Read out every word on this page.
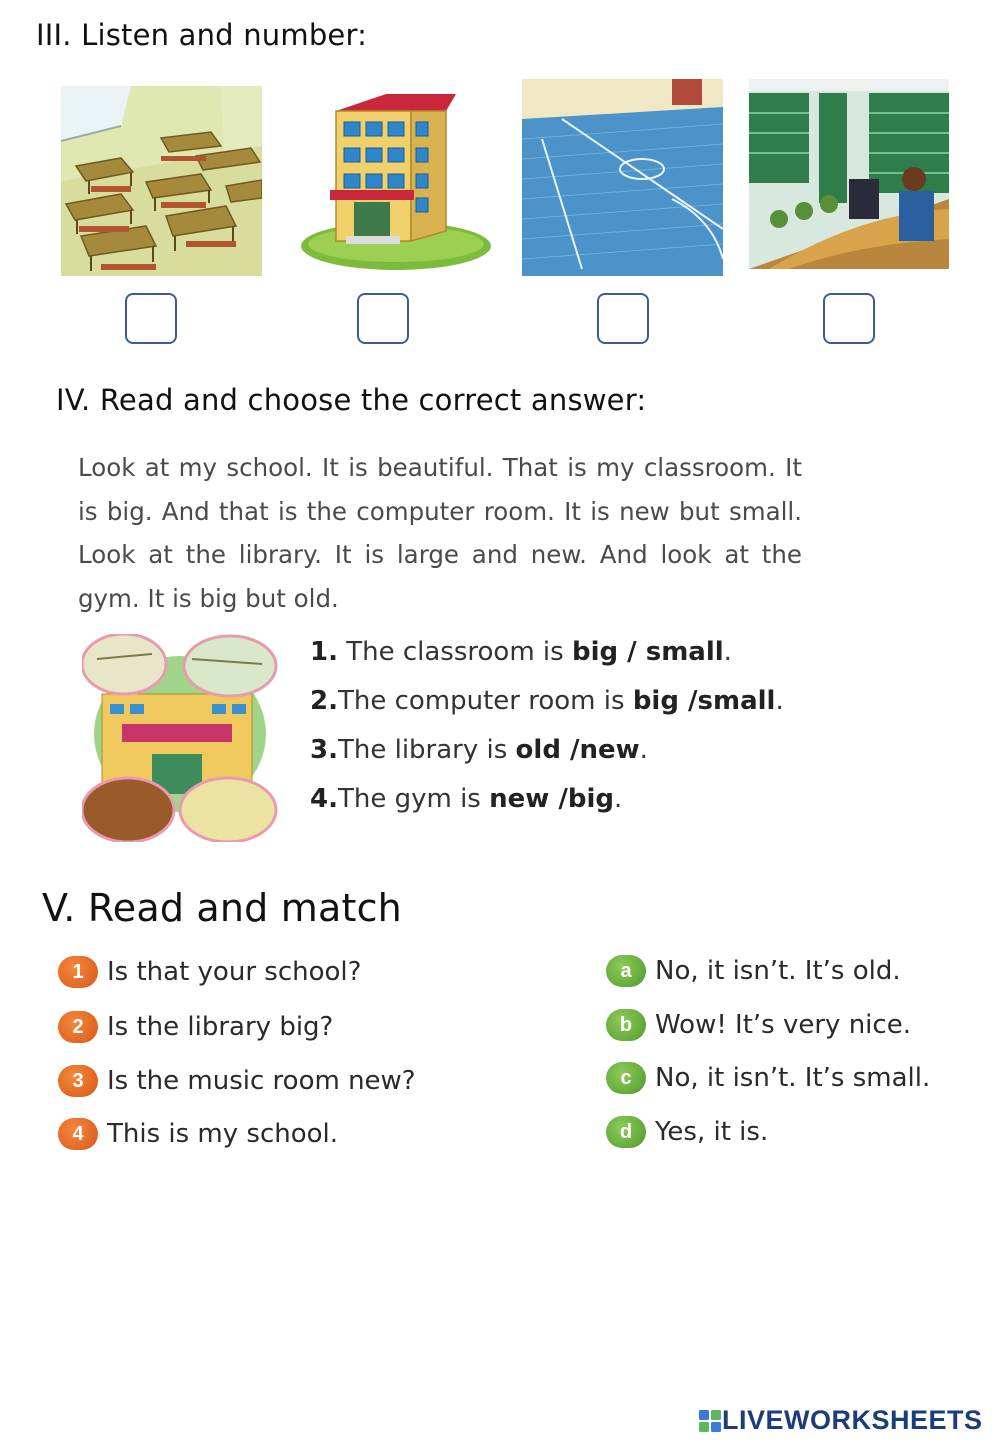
III. Listen and number:
IV. Read and choose the correct answer:
Look at my school. It is beautiful. That is my classroom. It is big. And that is the computer room. It is new but small. Look at the library. It is large and new. And look at the gym. It is big but old.
1. The classroom is big / small.
2.The computer room is big /small.
3.The library is old /new.
4.The gym is new /big.
V. Read and match
1 Is that your school?
2 Is the library big?
3 Is the music room new?
4 This is my school.
a No, it isn’t. It’s old.
b Wow! It’s very nice.
c No, it isn’t. It’s small.
d Yes, it is.
LIVEWORKSHEETS
